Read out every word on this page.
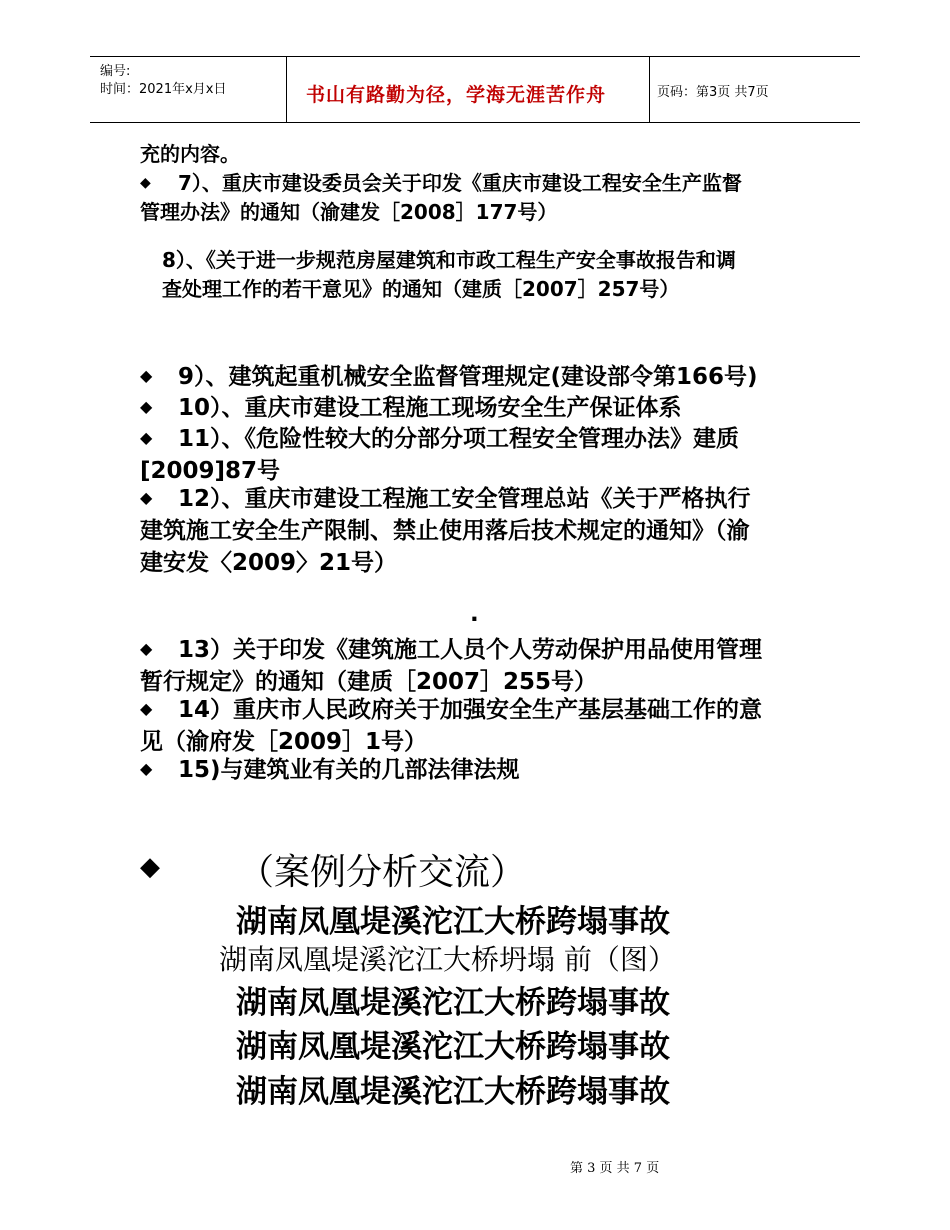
编号:
时间：2021年x月x日	书山有路勤为径，学海无涯苦作舟	页码：第3页 共7页
充的内容。
◆ 7）、重庆市建设委员会关于印发《重庆市建设工程安全生产监督
管理办法》的通知（渝建发［2008］177号）
8）、《关于进一步规范房屋建筑和市政工程生产安全事故报告和调
查处理工作的若干意见》的通知（建质［2007］257号）
◆ 9）、建筑起重机械安全监督管理规定(建设部令第166号)
◆ 10）、重庆市建设工程施工现场安全生产保证体系
◆ 11）、《危险性较大的分部分项工程安全管理办法》建质
[2009]87号
◆ 12）、重庆市建设工程施工安全管理总站《关于严格执行
建筑施工安全生产限制、禁止使用落后技术规定的通知》（渝
建安发〈2009〉21号）
.
◆ 13）关于印发《建筑施工人员个人劳动保护用品使用管理
暂行规定》的通知（建质［2007］255号）
◆ 14）重庆市人民政府关于加强安全生产基层基础工作的意
见（渝府发［2009］1号）
◆ 15)与建筑业有关的几部法律法规
◆ （案例分析交流）
湖南凤凰堤溪沱江大桥跨塌事故
湖南凤凰堤溪沱江大桥坍塌 前（图）
湖南凤凰堤溪沱江大桥跨塌事故
湖南凤凰堤溪沱江大桥跨塌事故
湖南凤凰堤溪沱江大桥跨塌事故
第 3 页 共 7 页
